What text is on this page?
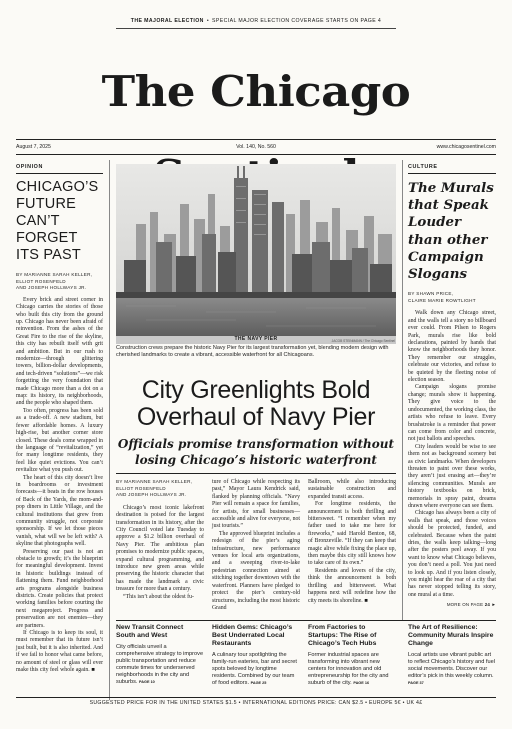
THE MAJORAL ELECTION • SPECIAL MAJOR ELECTION COVERAGE STARTS ON PAGE 4
The Chicago
August 7, 2025	Vol. 140, No. 560	www.chicagosentinel.com
OPINION
CHICAGO’S FUTURE CAN’T FORGET ITS PAST
BY MARIANNE SARAH KELLER,
ELLIOT ROSENFELD
AND JOSEPH HOLLWAYS JR.

Every brick and street corner in Chicago carries the stories of those who built this city from the ground up. Chicago has never been afraid of reinvention. From the ashes of the Great Fire to the rise of the skyline, this city has rebuilt itself with grit and ambition. But in our rush to modernize—through glittering towers, billion-dollar developments, and tech-driven “solutions”—we risk forgetting the very foundation that made Chicago more than a dot on a map: its history, its neighborhoods, and the people who shaped them.

Too often, progress has been sold as a trade-off. A new stadium, but fewer affordable homes. A luxury high-rise, but another corner store closed. These deals come wrapped in the language of “revitalization,” yet for many longtime residents, they feel like quiet evictions. You can’t revitalize what you push out.

The heart of this city doesn’t live in boardrooms or investment forecasts—it beats in the row houses of Back of the Yards, the mom-and-pop diners in Little Village, and the cultural institutions that grew from community struggle, not corporate sponsorship. If we let those pieces vanish, what will we be left with? A skyline that photographs well.

Preserving our past is not an obstacle to growth; it’s the blueprint for meaningful development. Invest in historic buildings instead of flattening them. Fund neighborhood arts programs alongside business districts. Create policies that protect working families before courting the next megaproject. Progress and preservation are not enemies—they are partners.

If Chicago is to keep its soul, it must remember that its future isn’t just built, but it is also inherited. And if we fail to honor what came before, no amount of steel or glass will ever make this city feel whole again. ■

JACOB STEINMANN / The Chicago Sentinel
THE NAVY PIER
Construction crews prepare the historic Navy Pier for its largest transformation yet, blending modern design with cherished landmarks to create a vibrant, accessible waterfront for all Chicagoans.
City Greenlights Bold Overhaul of Navy Pier
Officials promise transformation without losing Chicago’s historic waterfront
BY MARIANNE SARAH KELLER,
ELLIOT ROSENFELD
AND JOSEPH HOLLWAYS JR.

Chicago’s most iconic lakefront destination is poised for the largest transformation in its history, after the City Council voted late Tuesday to approve a $1.2 billion overhaul of Navy Pier. The ambitious plan promises to modernize public spaces, expand cultural programming, and introduce new green areas while preserving the historic character that has made the landmark a civic treasure for more than a century.

“This isn’t about the oldest fu-

ture of Chicago while respecting its past,” Mayor Laura Kendrick said, flanked by planning officials. “Navy Pier will remain a space for families, for artists, for small businesses—accessible and alive for everyone, not just tourists.”

The approved blueprint includes a redesign of the pier’s aging infrastructure, new performance venues for local arts organizations, and a sweeping river-to-lake pedestrian connection aimed at stitching together downtown with the waterfront. Planners have pledged to protect the pier’s century-old structures, including the most historic Grand

Ballroom, while also introducing sustainable construction and expanded transit access.

For longtime residents, the announcement is both thrilling and bittersweet. “I remember when my father used to take me here for fireworks,” said Harold Benton, 68, of Bronzeville. “If they can keep that magic alive while fixing the place up, then maybe this city still knows how to take care of its own.”

Residents and lovers of the city, think the announcement is both thrilling and bittersweet. What happens next will redefine how the city meets its shoreline. ■

CULTURE
The Murals that Speak Louder than other Campaign Slogans
BY SHAWN PRICE,
CLAIRE MARIE ROWTLIGHT

Walk down any Chicago street, and the walls tell a story no billboard ever could. From Pilsen to Rogers Park, murals rise like bold declarations, painted by hands that know the neighborhoods they honor. They remember our struggles, celebrate our victories, and refuse to be quieted by the fleeting noise of election season.

Campaign slogans promise change; murals show it happening. They give voice to the undocumented, the working class, the artists who refuse to leave. Every brushstroke is a reminder that power can come from color and concrete, not just ballots and speeches.

City leaders would be wise to see them not as background scenery but as civic landmarks. When developers threaten to paint over these works, they aren’t just erasing art—they’re silencing communities. Murals are history textbooks on brick, memorials in spray paint, dreams drawn where everyone can see them.

Chicago has always been a city of walls that speak, and those voices should be protected, funded, and celebrated. Because when the paint dries, the walls keep talking—long after the posters peel away. If you want to know what Chicago believes, you don’t need a poll. You just need to look up. And if you listen closely, you might hear the roar of a city that has never stopped telling its story, one mural at a time.

MORE ON PAGE 24 ►
New Transit Connect South and West
City officials unveil a comprehensive strategy to improve public transportation and reduce commute times for underserved neighborhoods in the city and suburbs. PAGE 10
Hidden Gems: Chicago’s Best Underrated Local Restaurants
A culinary tour spotlighting the family-run eateries, bar and secret spots beloved by longtime residents. Combined by our team of food editors. PAGE 25
From Factories to Startups: The Rise of Chicago’s Tech Hubs
Former industrial spaces are transforming into vibrant new centers for innovation and old entrepreneurship for the city and suburb of the city. PAGE 16
The Art of Resilience: Community Murals Inspire Change
Local artists use vibrant public art to reflect Chicago’s history and fuel social movements. Discover our editor’s pick in this weekly column. PAGE 37
SUGGESTED PRICE FOR IN THE UNITED STATES $1.5 • INTERNATIONAL EDITIONS PRICE: CAN $2.5 • EUROPE 5€ • UK 4£
